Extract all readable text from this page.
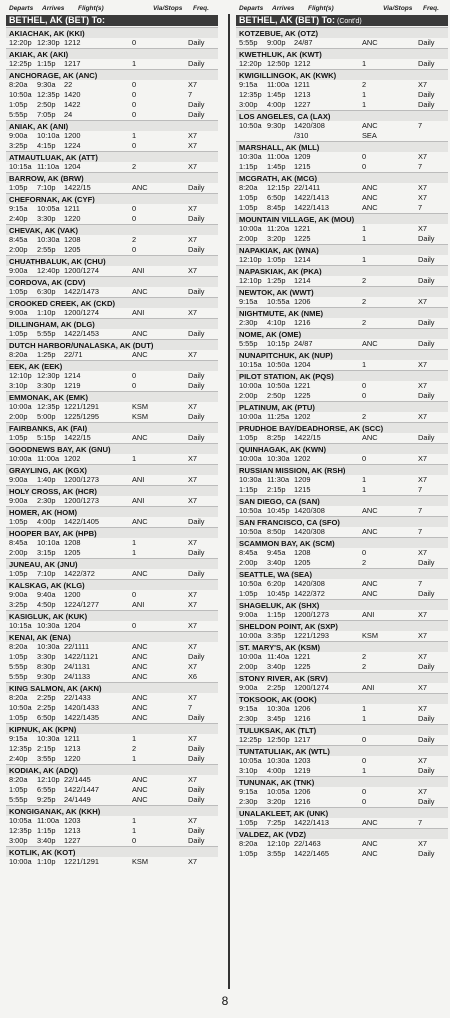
Departs Arrives Flight(s)	Via/Stops Freq.	Departs Arrives Flight(s)	Via/Stops Freq.
BETHEL, AK (BET) To:
AKIACHAK, AK (KKI)
12:20p 12:30p 1212	0	Daily
AKIAK, AK (AKI)
12:25p 1:15p 1217	1	Daily
ANCHORAGE, AK (ANC)
8:20a 9:30a 22	0	X7
10:50a 12:35p 1420	0	7
1:05p 2:50p 1422	0	Daily
5:55p 7:05p 24	0	Daily
ANIAK, AK (ANI)
9:00a 10:10a 1200	1	X7
3:25p 4:15p 1224	0	X7
ATMAUTLUAK, AK (ATT)
10:15a 11:10a 1204	2	X7
BARROW, AK (BRW)
1:05p 7:10p 1422/15	ANC	Daily
CHEFORNAK, AK (CYF)
9:15a 10:05a 1211	0	X7
2:40p 3:30p 1220	0	Daily
CHEVAK, AK (VAK)
8:45a 10:30a 1208	2	X7
2:00p 2:55p 1205	0	Daily
CHUATHBALUK, AK (CHU)
9:00a 12:40p 1200/1274	ANI	X7
CORDOVA, AK (CDV)
1:05p 6:30p 1422/1473	ANC	Daily
CROOKED CREEK, AK (CKD)
9:00a 1:10p 1200/1274	ANI	X7
DILLINGHAM, AK (DLG)
1:05p 5:55p 1422/1453	ANC	Daily
DUTCH HARBOR/UNALASKA, AK (DUT)
8:20a 1:25p 22/71	ANC	X7
EEK, AK (EEK)
12:10p 12:30p 1214	0	Daily
3:10p 3:30p 1219	0	Daily
EMMONAK, AK (EMK)
10:00a 12:35p 1221/1291	KSM	X7
2:00p 5:00p 1225/1295	KSM	Daily
FAIRBANKS, AK (FAI)
1:05p 5:15p 1422/15	ANC	Daily
GOODNEWS BAY, AK (GNU)
10:00a 11:00a 1202	1	X7
GRAYLING, AK (KGX)
9:00a 1:40p 1200/1273	ANI	X7
HOLY CROSS, AK (HCR)
9:00a 2:30p 1200/1273	ANI	X7
HOMER, AK (HOM)
1:05p 4:00p 1422/1405	ANC	Daily
HOOPER BAY, AK (HPB)
8:45a 10:10a 1208	1	X7
2:00p 3:15p 1205	1	Daily
JUNEAU, AK (JNU)
1:05p 7:10p 1422/372	ANC	Daily
KALSKAG, AK (KLG)
9:00a 9:40a 1200	0	X7
3:25p 4:50p 1224/1277	ANI	X7
KASIGLUK, AK (KUK)
10:15a 10:30a 1204	0	X7
KENAI, AK (ENA)
8:20a 10:30a 22/1111	ANC	X7
1:05p 3:30p 1422/1121	ANC	Daily
5:55p 8:30p 24/1131	ANC	X7
5:55p 9:30p 24/1133	ANC	X6
KING SALMON, AK (AKN)
8:20a 2:25p 22/1433	ANC	X7
10:50a 2:25p 1420/1433	ANC	7
1:05p 6:50p 1422/1435	ANC	Daily
KIPNUK, AK (KPN)
9:15a 10:30a 1211	1	X7
12:35p 2:15p 1213	2	Daily
2:40p 3:55p 1220	1	Daily
KODIAK, AK (ADQ)
8:20a 12:10p 22/1445	ANC	X7
1:05p 6:55p 1422/1447	ANC	Daily
5:55p 9:25p 24/1449	ANC	Daily
KONGIGANAK, AK (KKH)
10:05a 11:00a 1203	1	X7
12:35p 1:15p 1213	1	Daily
3:00p 3:40p 1227	0	Daily
KOTLIK, AK (KOT)
10:00a 1:10p 1221/1291	KSM	X7
BETHEL, AK (BET) To: (Cont'd)
KOTZEBUE, AK (OTZ)
5:55p 9:00p 24/87	ANC	Daily
KWETHLUK, AK (KWT)
12:20p 12:50p 1212	1	Daily
KWIGILLINGOK, AK (KWK)
9:15a 11:00a 1211	2	X7
12:35p 1:45p 1213	1	Daily
3:00p 4:00p 1227	1	Daily
LOS ANGELES, CA (LAX)
10:50a 9:30p 1420/308	ANC	7
/310	SEA
MARSHALL, AK (MLL)
10:30a 11:00a 1209	0	X7
1:15p 1:45p 1215	0	7
MCGRATH, AK (MCG)
8:20a 12:15p 22/1411	ANC	X7
1:05p 6:50p 1422/1413	ANC	X7
1:05p 8:45p 1422/1413	ANC	7
MOUNTAIN VILLAGE, AK (MOU)
10:00a 11:20a 1221	1	X7
2:00p 3:20p 1225	1	Daily
NAPAKIAK, AK (WNA)
12:10p 1:05p 1214	1	Daily
NAPASKIAK, AK (PKA)
12:10p 1:25p 1214	2	Daily
NEWTOK, AK (WWT)
9:15a 10:55a 1206	2	X7
NIGHTMUTE, AK (NME)
2:30p 4:10p 1216	2	Daily
NOME, AK (OME)
5:55p 10:15p 24/87	ANC	Daily
NUNAPITCHUK, AK (NUP)
10:15a 10:50a 1204	1	X7
PILOT STATION, AK (PQS)
10:00a 10:50a 1221	0	X7
2:00p 2:50p 1225	0	Daily
PLATINUM, AK (PTU)
10:00a 11:25a 1202	2	X7
PRUDHOE BAY/DEADHORSE, AK (SCC)
1:05p 8:25p 1422/15	ANC	Daily
QUINHAGAK, AK (KWN)
10:00a 10:30a 1202	0	X7
RUSSIAN MISSION, AK (RSH)
10:30a 11:30a 1209	1	X7
1:15p 2:15p 1215	1	7
SAN DIEGO, CA (SAN)
10:50a 10:45p 1420/308	ANC	7
SAN FRANCISCO, CA (SFO)
10:50a 8:50p 1420/308	ANC	7
SCAMMON BAY, AK (SCM)
8:45a 9:45a 1208	0	X7
2:00p 3:40p 1205	2	Daily
SEATTLE, WA (SEA)
10:50a 6:20p 1420/308	ANC	7
1:05p 10:45p 1422/372	ANC	Daily
SHAGELUK, AK (SHX)
9:00a 1:15p 1200/1273	ANI	X7
SHELDON POINT, AK (SXP)
10:00a 3:35p 1221/1293	KSM	X7
ST. MARY'S, AK (KSM)
10:00a 11:40a 1221	2	X7
2:00p 3:40p 1225	2	Daily
STONY RIVER, AK (SRV)
9:00a 2:25p 1200/1274	ANI	X7
TOKSOOK, AK (OOK)
9:15a 10:30a 1206	1	X7
2:30p 3:45p 1216	1	Daily
TULUKSAK, AK (TLT)
12:25p 12:50p 1217	0	Daily
TUNTATULIAK, AK (WTL)
10:05a 10:30a 1203	0	X7
3:10p 4:00p 1219	1	Daily
TUNUNAK, AK (TNK)
9:15a 10:05a 1206	0	X7
2:30p 3:20p 1216	0	Daily
UNALAKLEET, AK (UNK)
1:05p 7:25p 1422/1413	ANC	7
VALDEZ, AK (VDZ)
8:20a 12:10p 22/1463	ANC	X7
1:05p 3:55p 1422/1465	ANC	Daily
8
